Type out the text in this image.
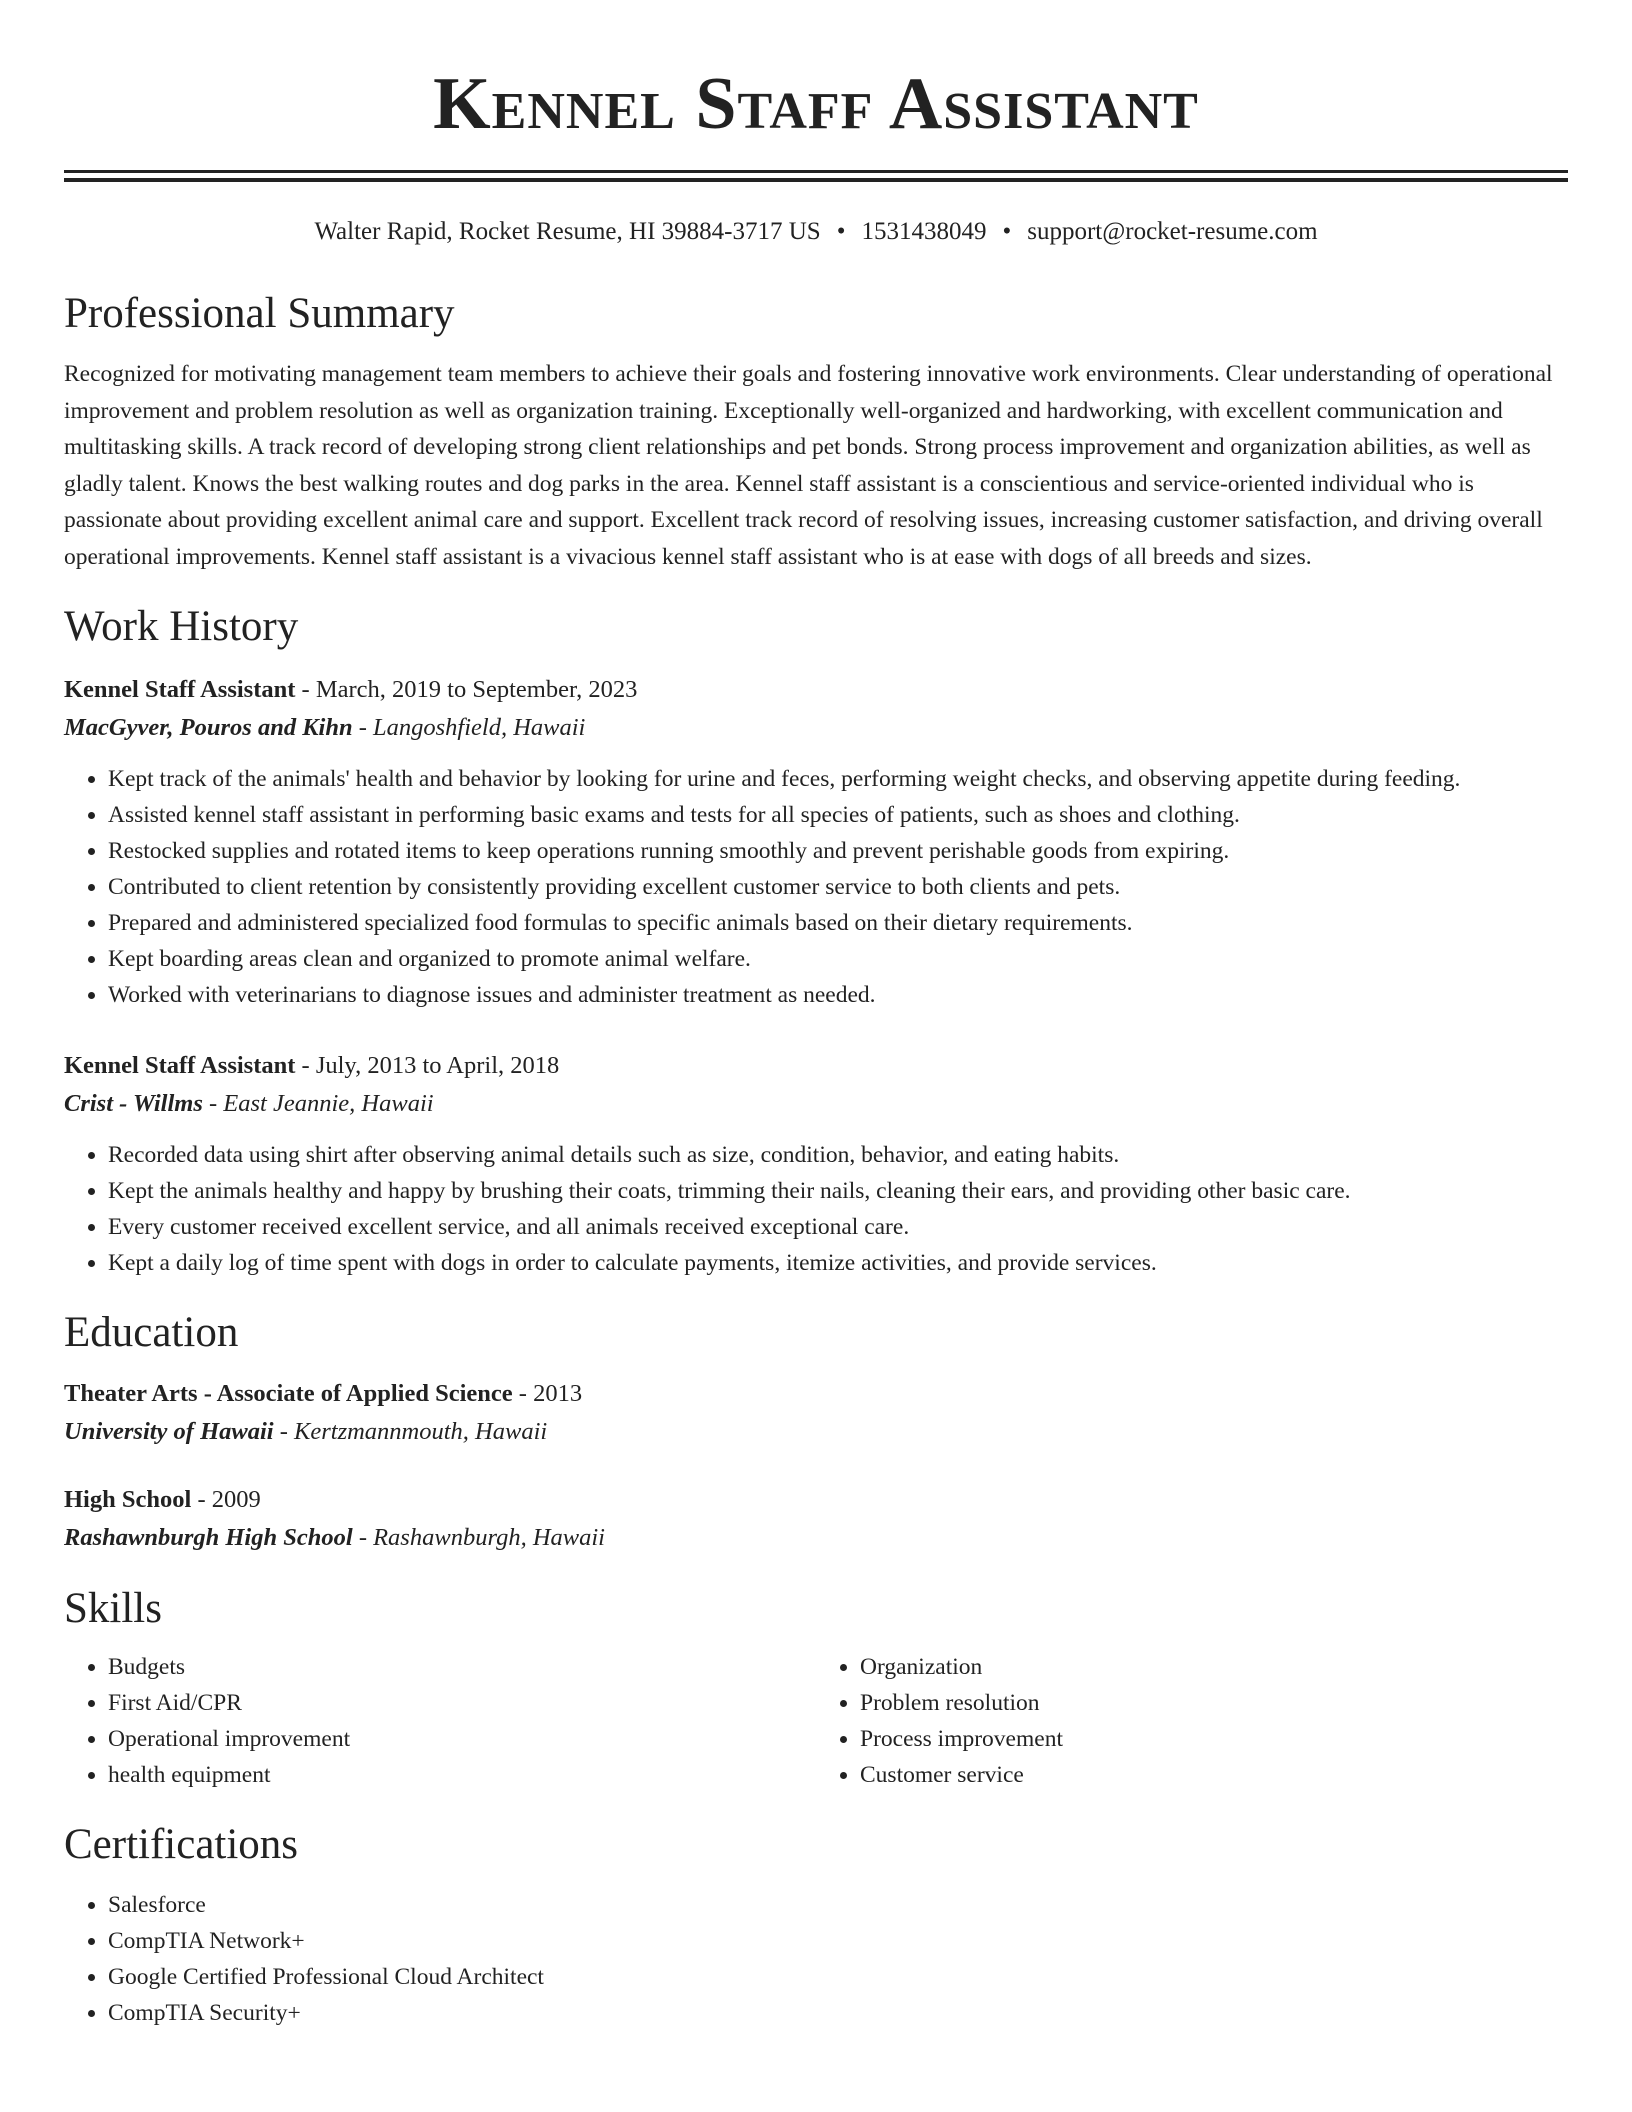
Kennel Staff Assistant
Walter Rapid, Rocket Resume, HI 39884-3717 US • 1531438049 • support@rocket-resume.com
Professional Summary

Recognized for motivating management team members to achieve their goals and fostering innovative work environments. Clear understanding of operational improvement and problem resolution as well as organization training. Exceptionally well-organized and hardworking, with excellent communication and multitasking skills. A track record of developing strong client relationships and pet bonds. Strong process improvement and organization abilities, as well as gladly talent. Knows the best walking routes and dog parks in the area. Kennel staff assistant is a conscientious and service-oriented individual who is passionate about providing excellent animal care and support. Excellent track record of resolving issues, increasing customer satisfaction, and driving overall operational improvements. Kennel staff assistant is a vivacious kennel staff assistant who is at ease with dogs of all breeds and sizes.

Work History
Kennel Staff Assistant - March, 2019 to September, 2023
MacGyver, Pouros and Kihn - Langoshfield, Hawaii
• Kept track of the animals' health and behavior by looking for urine and feces, performing weight checks, and observing appetite during feeding.
• Assisted kennel staff assistant in performing basic exams and tests for all species of patients, such as shoes and clothing.
• Restocked supplies and rotated items to keep operations running smoothly and prevent perishable goods from expiring.
• Contributed to client retention by consistently providing excellent customer service to both clients and pets.
• Prepared and administered specialized food formulas to specific animals based on their dietary requirements.
• Kept boarding areas clean and organized to promote animal welfare.
• Worked with veterinarians to diagnose issues and administer treatment as needed.
Kennel Staff Assistant - July, 2013 to April, 2018
Crist - Willms - East Jeannie, Hawaii
• Recorded data using shirt after observing animal details such as size, condition, behavior, and eating habits.
• Kept the animals healthy and happy by brushing their coats, trimming their nails, cleaning their ears, and providing other basic care.
• Every customer received excellent service, and all animals received exceptional care.
• Kept a daily log of time spent with dogs in order to calculate payments, itemize activities, and provide services.
Education
Theater Arts - Associate of Applied Science - 2013
University of Hawaii - Kertzmannmouth, Hawaii
High School - 2009
Rashawnburgh High School - Rashawnburgh, Hawaii
Skills
• Budgets
• First Aid/CPR
• Operational improvement
• health equipment
• Organization
• Problem resolution
• Process improvement
• Customer service
Certifications
• Salesforce
• CompTIA Network+
• Google Certified Professional Cloud Architect
• CompTIA Security+
